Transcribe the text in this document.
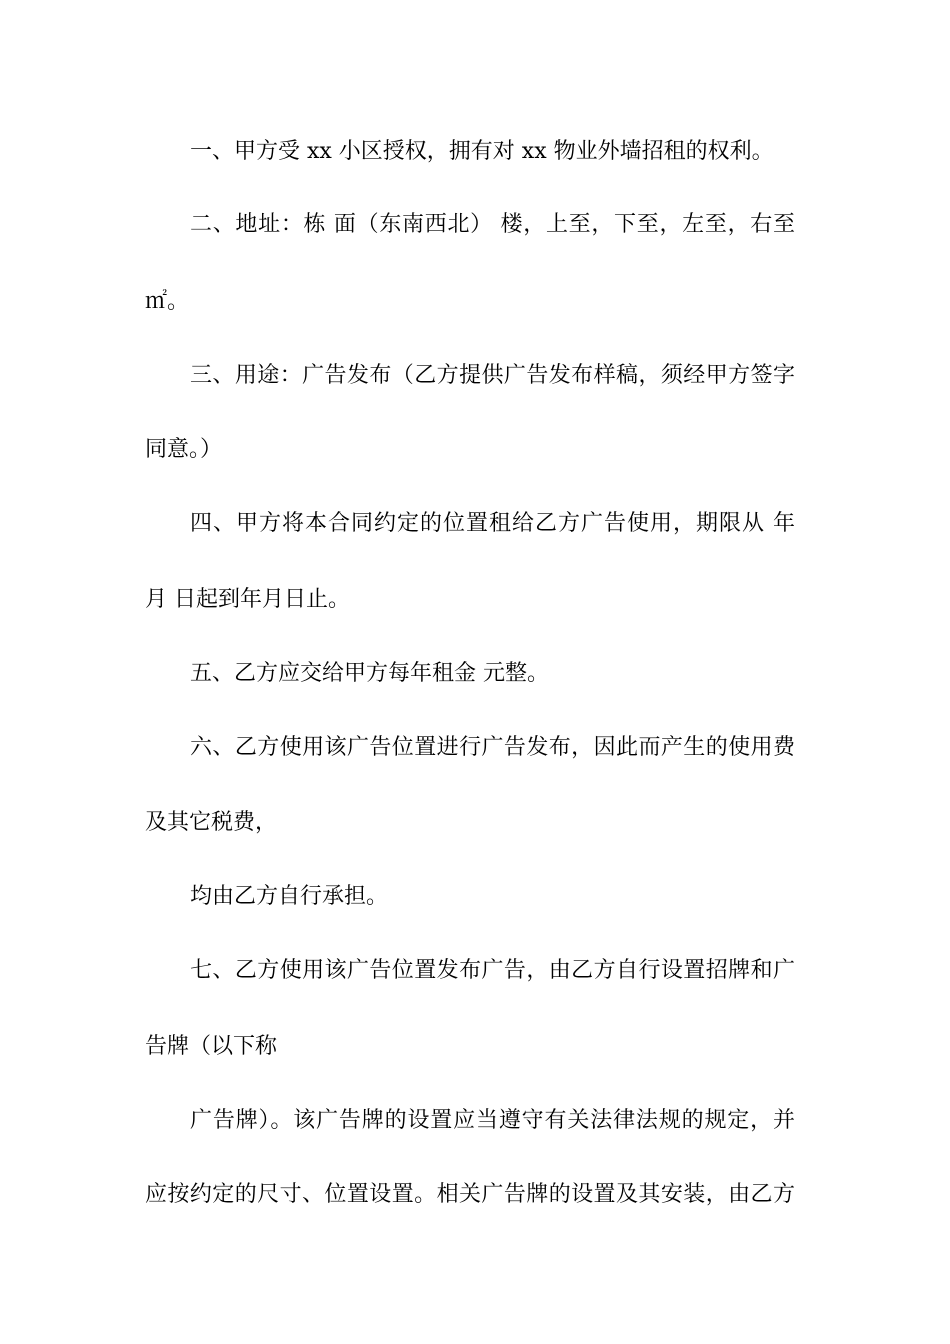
一、甲方受 xx 小区授权，拥有对 xx 物业外墙招租的权利。
二、地址：栋 面（东南西北） 楼，上至，下至，左至，右至
㎡。
三、用途：广告发布（乙方提供广告发布样稿，须经甲方签字
同意。）
四、甲方将本合同约定的位置租给乙方广告使用，期限从 年
月 日起到年月日止。
五、乙方应交给甲方每年租金 元整。
六、乙方使用该广告位置进行广告发布，因此而产生的使用费
及其它税费，
均由乙方自行承担。
七、乙方使用该广告位置发布广告，由乙方自行设置招牌和广
告牌（以下称
广告牌）。该广告牌的设置应当遵守有关法律法规的规定，并
应按约定的尺寸、位置设置。相关广告牌的设置及其安装，由乙方
